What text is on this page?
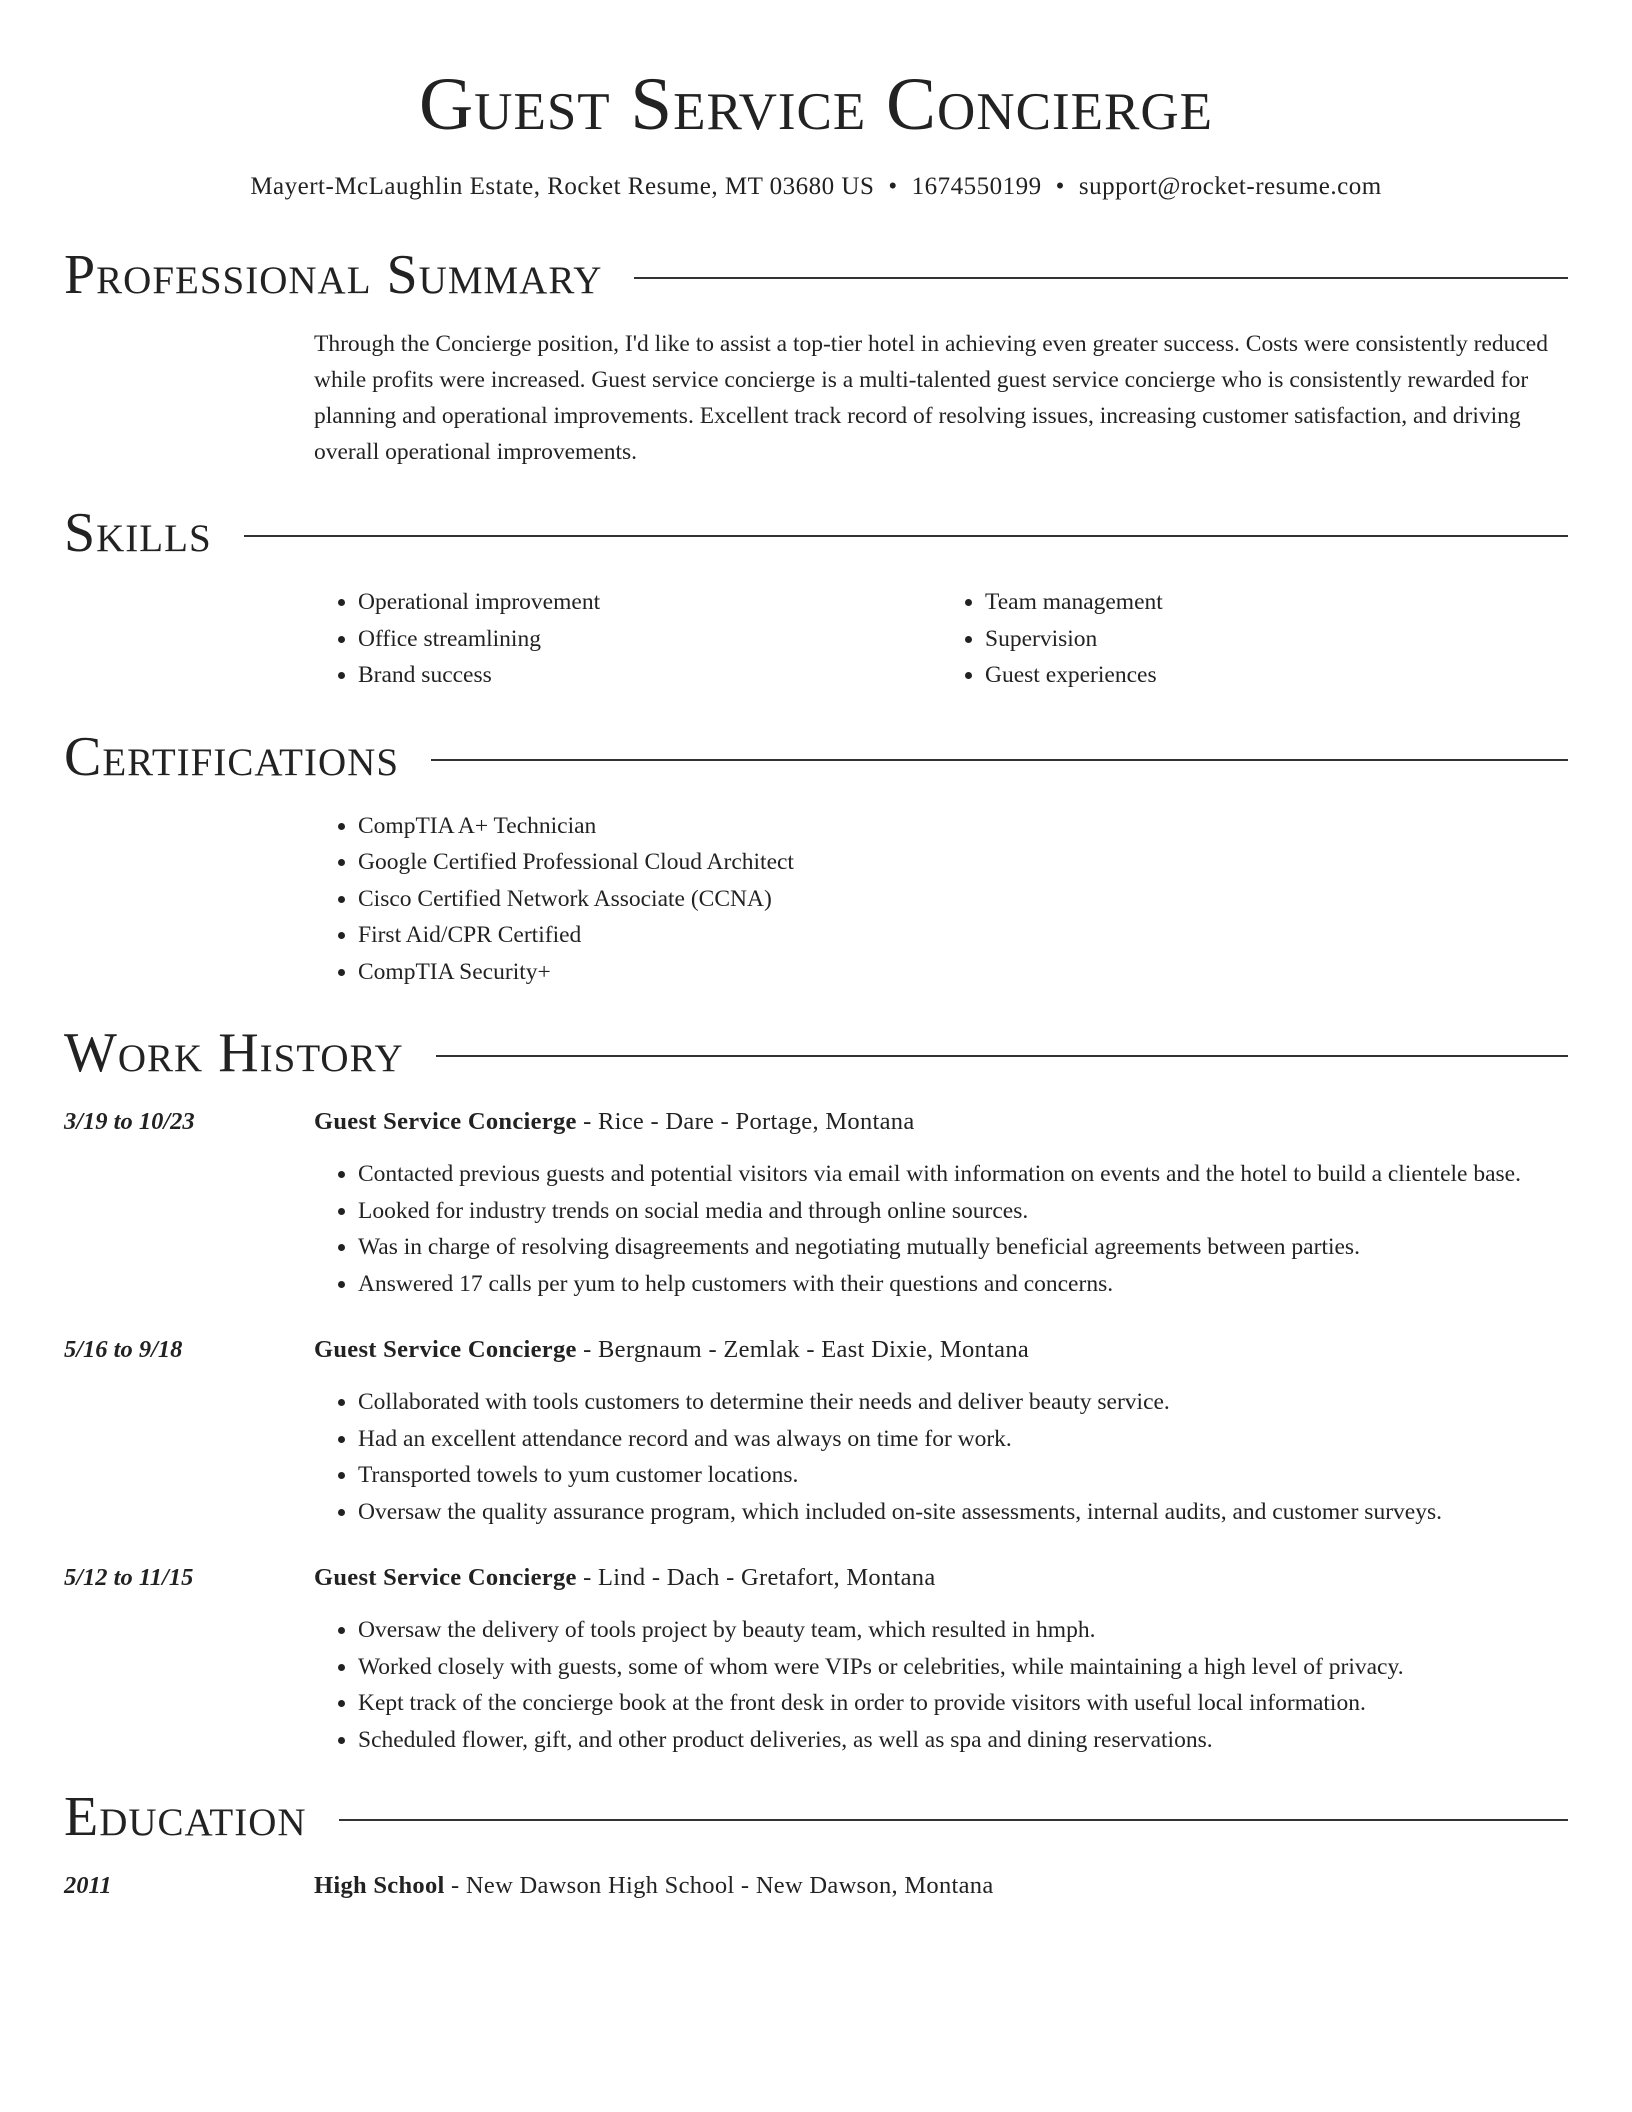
Guest Service Concierge
Mayert-McLaughlin Estate, Rocket Resume, MT 03680 US • 1674550199 • support@rocket-resume.com
Professional Summary

Through the Concierge position, I'd like to assist a top-tier hotel in achieving even greater success. Costs were consistently reduced while profits were increased. Guest service concierge is a multi-talented guest service concierge who is consistently rewarded for planning and operational improvements. Excellent track record of resolving issues, increasing customer satisfaction, and driving overall operational improvements.

Skills
• Operational improvement
• Office streamlining
• Brand success
• Team management
• Supervision
• Guest experiences
Certifications
• CompTIA A+ Technician
• Google Certified Professional Cloud Architect
• Cisco Certified Network Associate (CCNA)
• First Aid/CPR Certified
• CompTIA Security+
Work History
3/19 to 10/23	Guest Service Concierge - Rice - Dare - Portage, Montana
• Contacted previous guests and potential visitors via email with information on events and the hotel to build a clientele base.
• Looked for industry trends on social media and through online sources.
• Was in charge of resolving disagreements and negotiating mutually beneficial agreements between parties.
• Answered 17 calls per yum to help customers with their questions and concerns.
5/16 to 9/18	Guest Service Concierge - Bergnaum - Zemlak - East Dixie, Montana
• Collaborated with tools customers to determine their needs and deliver beauty service.
• Had an excellent attendance record and was always on time for work.
• Transported towels to yum customer locations.
• Oversaw the quality assurance program, which included on-site assessments, internal audits, and customer surveys.
5/12 to 11/15	Guest Service Concierge - Lind - Dach - Gretafort, Montana
• Oversaw the delivery of tools project by beauty team, which resulted in hmph.
• Worked closely with guests, some of whom were VIPs or celebrities, while maintaining a high level of privacy.
• Kept track of the concierge book at the front desk in order to provide visitors with useful local information.
• Scheduled flower, gift, and other product deliveries, as well as spa and dining reservations.
Education
2011	High School - New Dawson High School - New Dawson, Montana
